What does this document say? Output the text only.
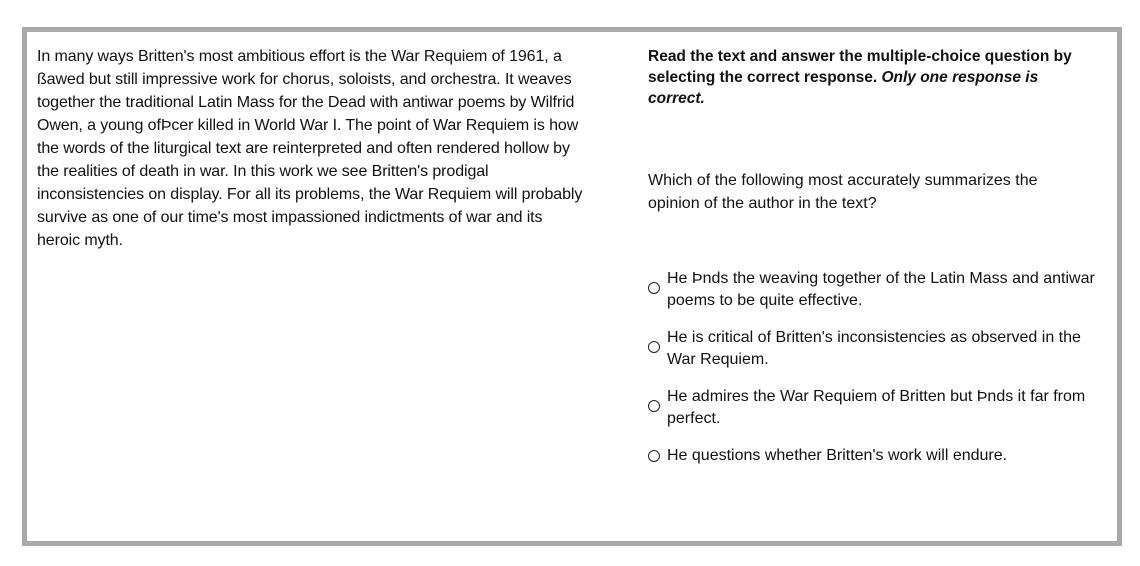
In many ways Britten's most ambitious effort is the War Requiem of 1961, a ßawed but still impressive work for chorus, soloists, and orchestra. It weaves together the traditional Latin Mass for the Dead with antiwar poems by Wilfrid Owen, a young ofÞcer killed in World War I. The point of War Requiem is how the words of the liturgical text are reinterpreted and often rendered hollow by the realities of death in war. In this work we see Britten's prodigal inconsistencies on display. For all its problems, the War Requiem will probably survive as one of our time's most impassioned indictments of war and its heroic myth.

Read the text and answer the multiple-choice question by selecting the correct response. Only one response is correct.

Which of the following most accurately summarizes the opinion of the author in the text?

He Þnds the weaving together of the Latin Mass and antiwar poems to be quite effective.
He is critical of Britten's inconsistencies as observed in the War Requiem.
He admires the War Requiem of Britten but Þnds it far from perfect.
He questions whether Britten's work will endure.
